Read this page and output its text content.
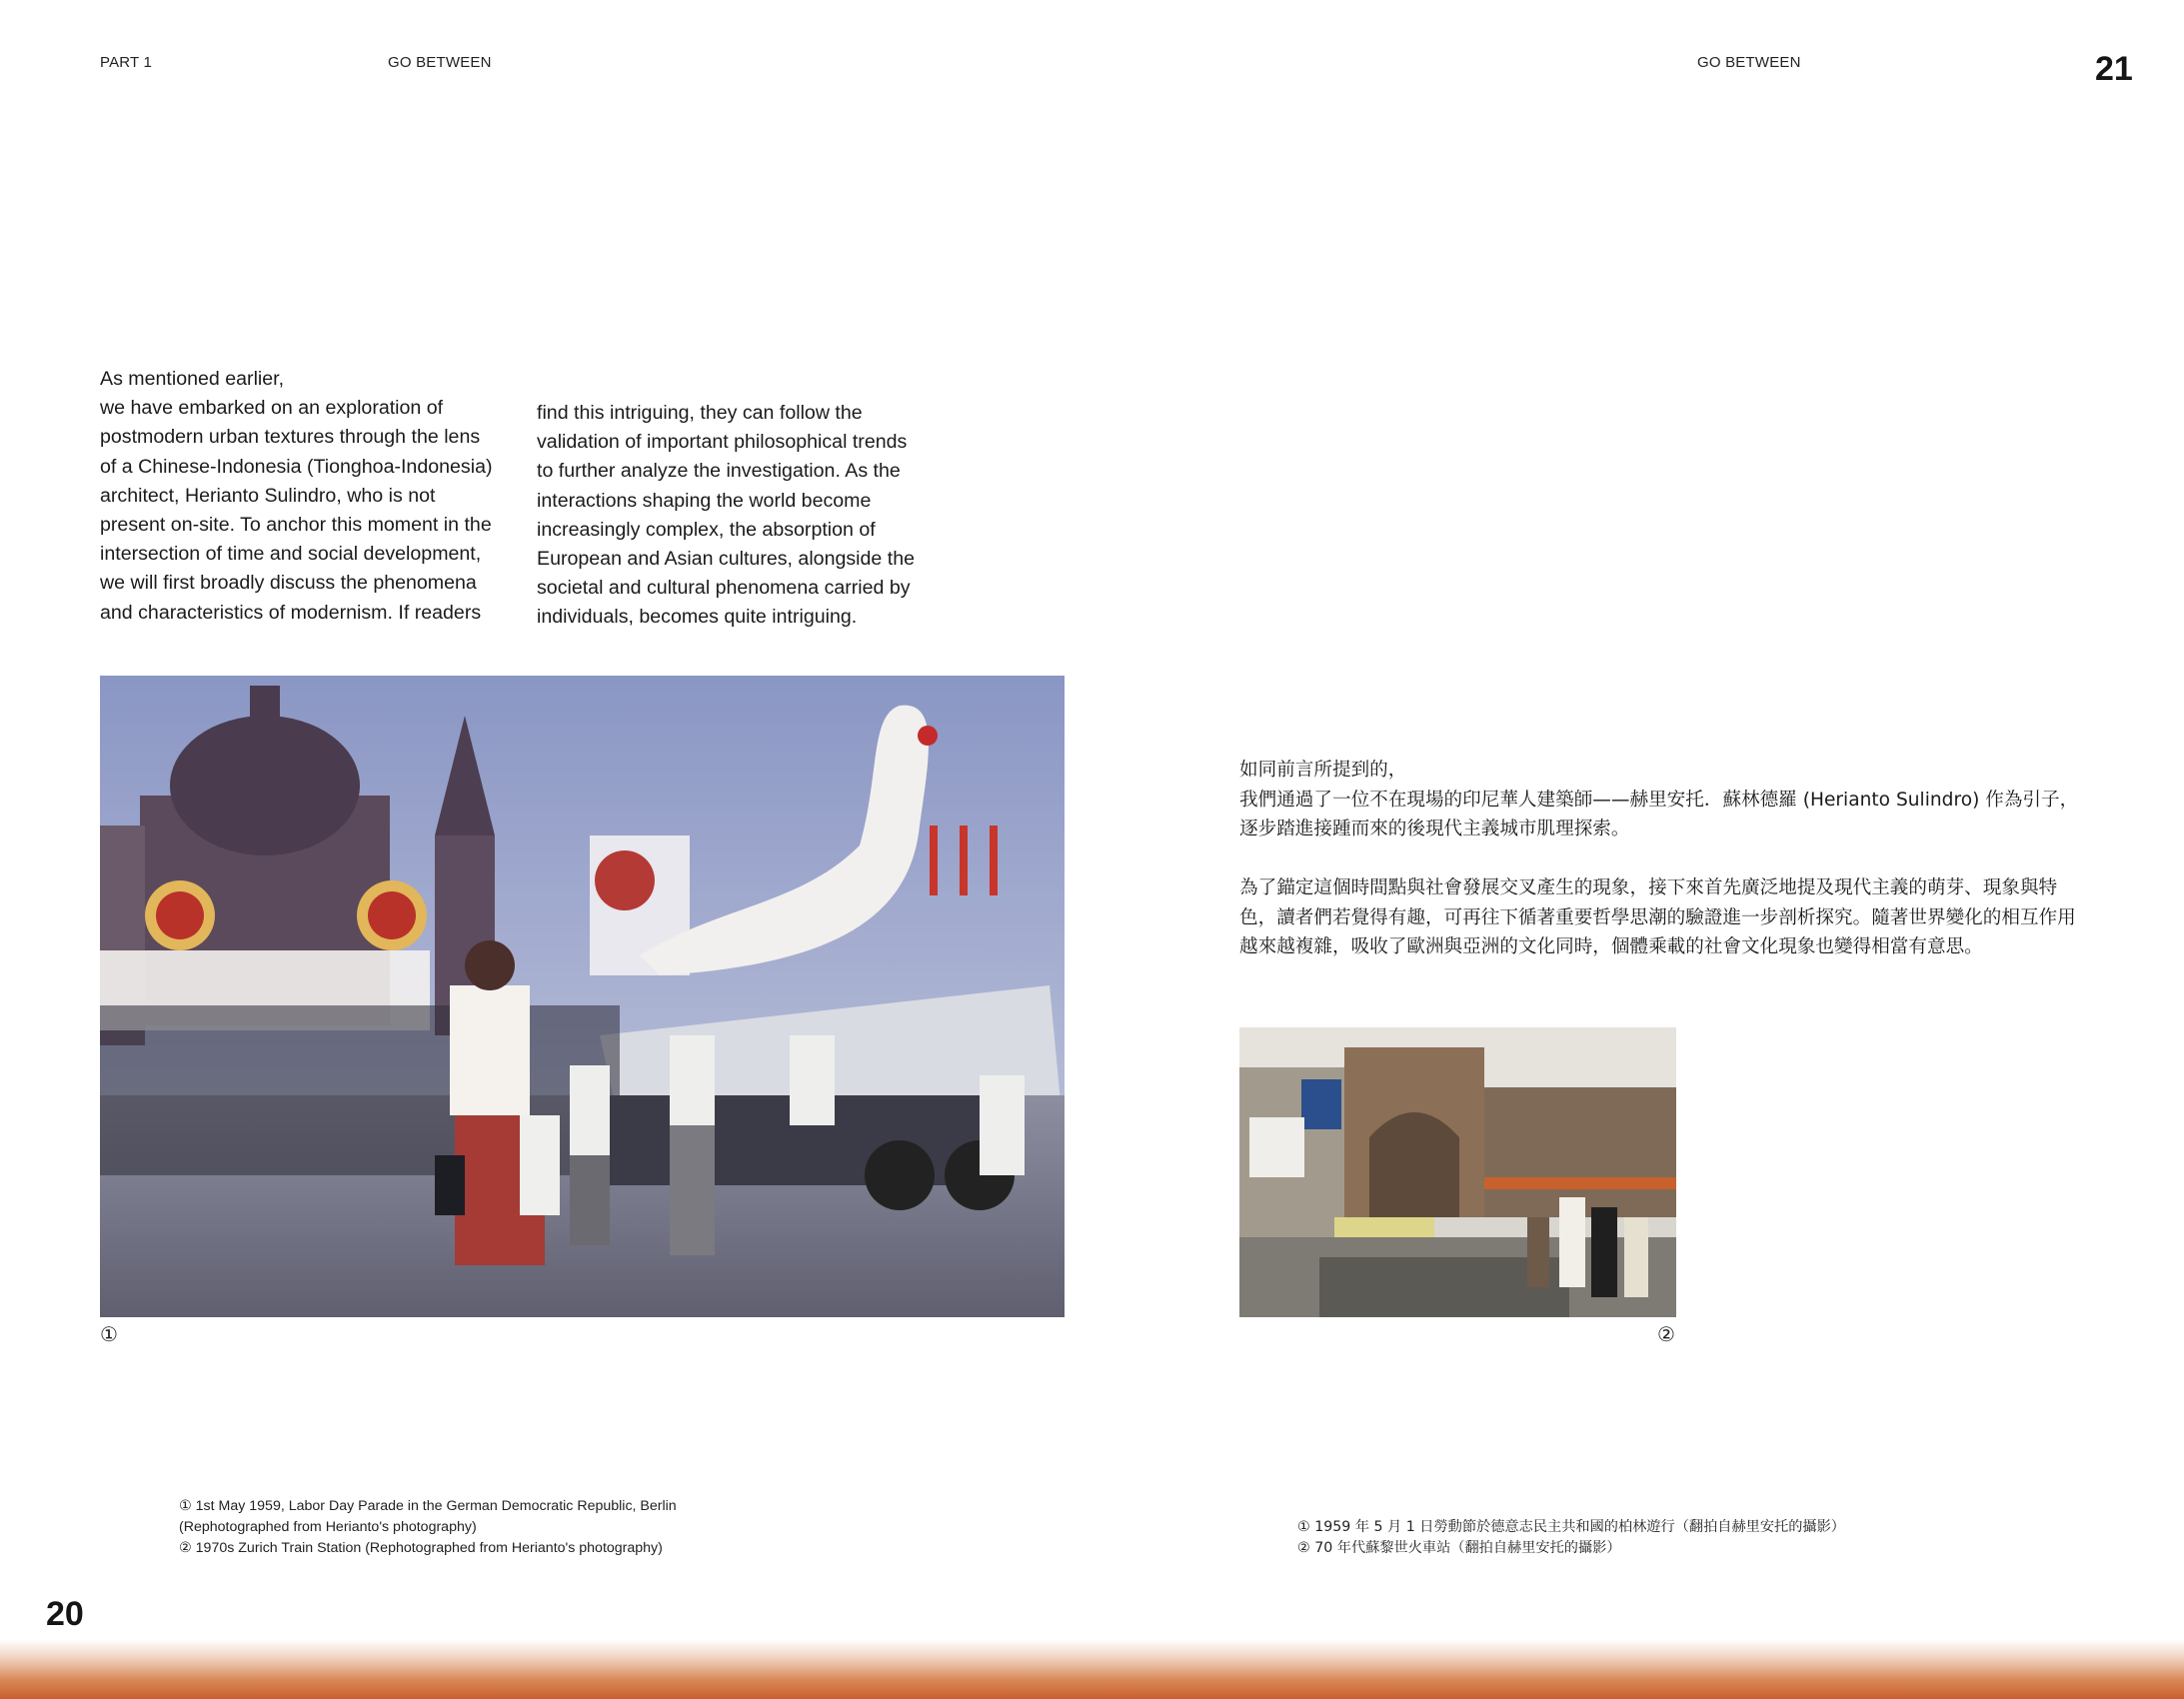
PART 1	GO BETWEEN	GO BETWEEN	21

As mentioned earlier,
we have embarked on an exploration of
postmodern urban textures through the lens
of a Chinese-Indonesia (Tionghoa-Indonesia)
architect, Herianto Sulindro, who is not
present on-site. To anchor this moment in the
intersection of time and social development,
we will first broadly discuss the phenomena
and characteristics of modernism. If readers

find this intriguing, they can follow the
validation of important philosophical trends
to further analyze the investigation. As the
interactions shaping the world become
increasingly complex, the absorption of
European and Asian cultures, alongside the
societal and cultural phenomena carried by
individuals, becomes quite intriguing.

①

如同前言所提到的，

我們通過了一位不在現場的印尼華人建築師——赫里安托．蘇林德羅 (Herianto Sulindro) 作為引子，逐步踏進接踵而來的後現代主義城市肌理探索。

為了錨定這個時間點與社會發展交叉產生的現象，接下來首先廣泛地提及現代主義的萌芽、現象與特色，讀者們若覺得有趣，可再往下循著重要哲學思潮的驗證進一步剖析探究。隨著世界變化的相互作用越來越複雜，吸收了歐洲與亞洲的文化同時，個體乘載的社會文化現象也變得相當有意思。

②

① 1st May 1959, Labor Day Parade in the German Democratic Republic, Berlin

(Rephotographed from Herianto's photography)

② 1970s Zurich Train Station (Rephotographed from Herianto's photography)

① 1959 年 5 月 1 日勞動節於德意志民主共和國的柏林遊行（翻拍自赫里安托的攝影）

② 70 年代蘇黎世火車站（翻拍自赫里安托的攝影）

20
